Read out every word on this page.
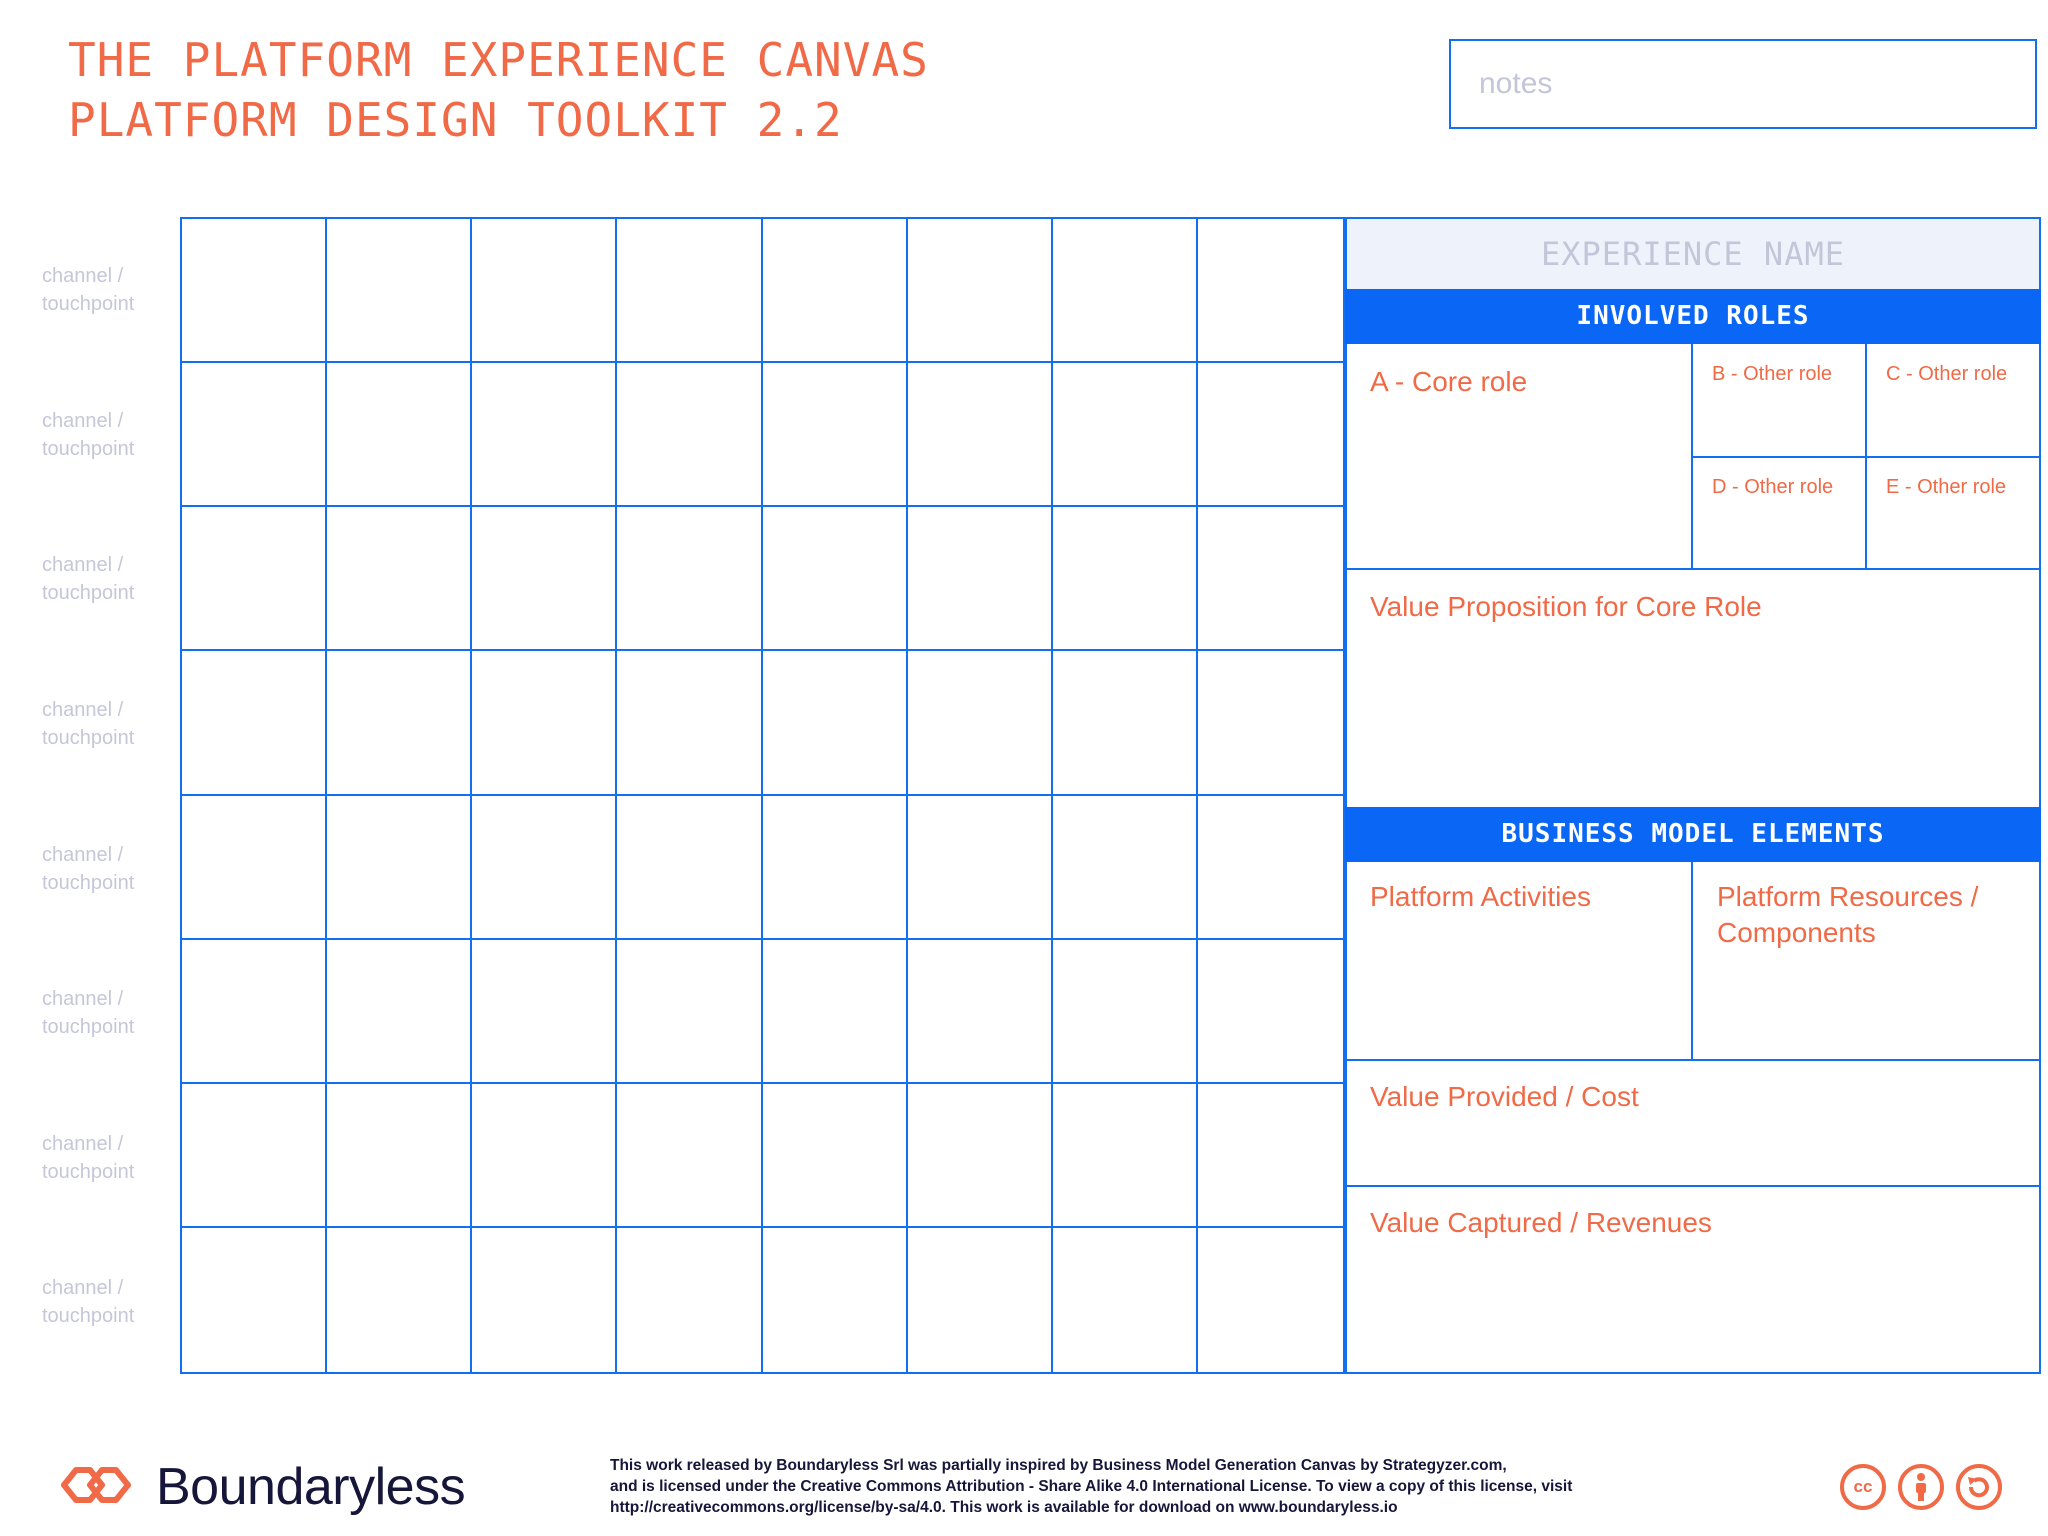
THE PLATFORM EXPERIENCE CANVAS
PLATFORM DESIGN TOOLKIT 2.2
notes
channel /
touchpoint
channel /
touchpoint
channel /
touchpoint
channel /
touchpoint
channel /
touchpoint
channel /
touchpoint
channel /
touchpoint
channel /
touchpoint
EXPERIENCE NAME
INVOLVED ROLES
A - Core role	B - Other role	C - Other role
D - Other role	E - Other role
Value Proposition for Core Role
BUSINESS MODEL ELEMENTS
Platform Activities	Platform Resources /
Components
Value Provided / Cost
Value Captured / Revenues
Boundaryless	This work released by Boundaryless Srl was partially inspired by Business Model Generation Canvas by Strategyzer.com,
and is licensed under the Creative Commons Attribution - Share Alike 4.0 International License. To view a copy of this license, visit
http://creativecommons.org/license/by-sa/4.0. This work is available for download on www.boundaryless.io
cc
